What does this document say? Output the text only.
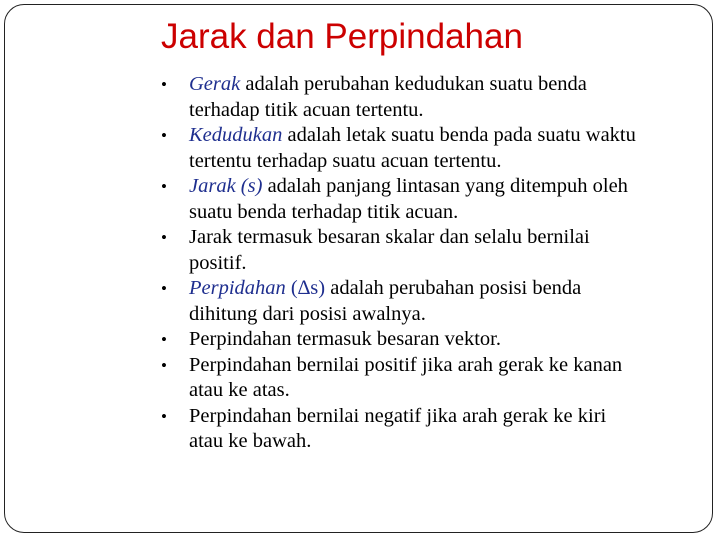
Jarak dan Perpindahan
•	Gerak adalah perubahan kedudukan suatu benda
terhadap titik acuan tertentu.
•	Kedudukan adalah letak suatu benda pada suatu waktu
tertentu terhadap suatu acuan tertentu.
•	Jarak (s) adalah panjang lintasan yang ditempuh oleh
suatu benda terhadap titik acuan.
•	Jarak termasuk besaran skalar dan selalu bernilai
positif.
•	Perpidahan (∆s) adalah perubahan posisi benda
dihitung dari posisi awalnya.
•	Perpindahan termasuk besaran vektor.
•	Perpindahan bernilai positif jika arah gerak ke kanan
atau ke atas.
•	Perpindahan bernilai negatif jika arah gerak ke kiri
atau ke bawah.
